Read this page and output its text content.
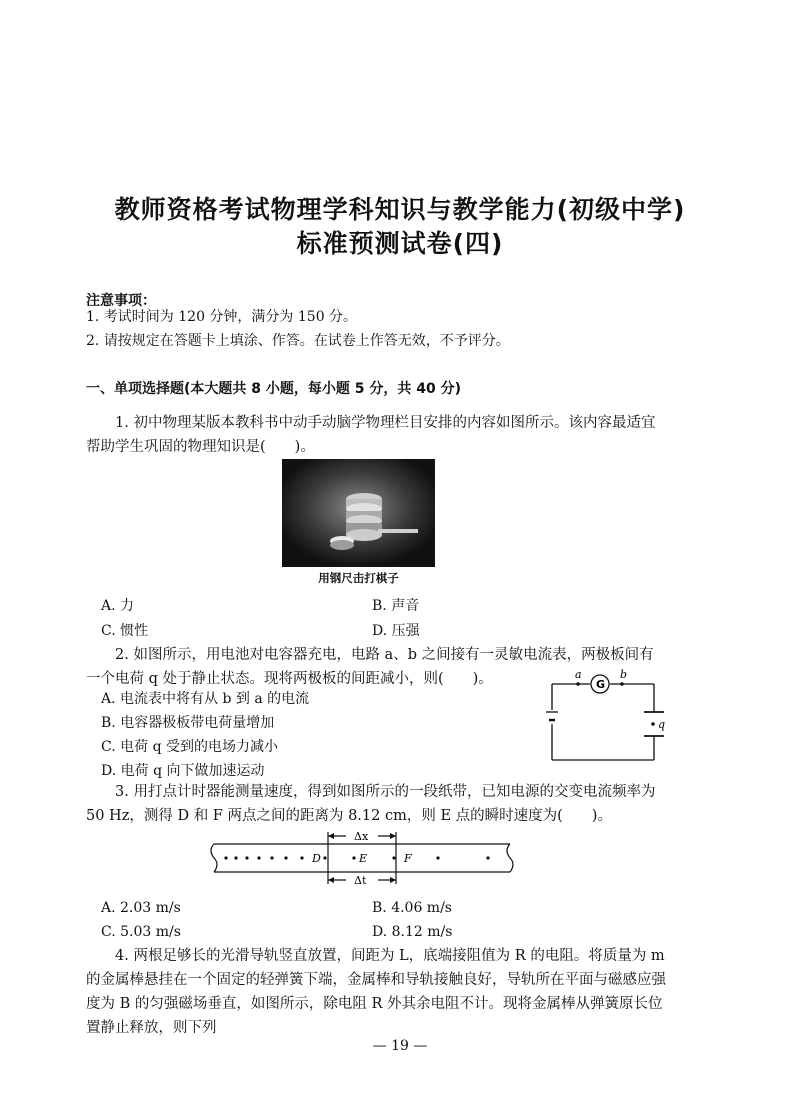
教师资格考试物理学科知识与教学能力(初级中学)
标准预测试卷(四)
注意事项：
1. 考试时间为 120 分钟，满分为 150 分。
2. 请按规定在答题卡上填涂、作答。在试卷上作答无效，不予评分。
一、单项选择题(本大题共 8 小题，每小题 5 分，共 40 分)
1. 初中物理某版本教科书中动手动脑学物理栏目安排的内容如图所示。该内容最适宜帮助学生巩固的物理知识是(　　)。
用钢尺击打棋子
A. 力	B. 声音
C. 惯性	D. 压强
2. 如图所示，用电池对电容器充电，电路 a、b 之间接有一灵敏电流表，两极板间有一个电荷 q 处于静止状态。现将两极板的间距减小，则(　　)。
A. 电流表中将有从 b 到 a 的电流
B. 电容器极板带电荷量增加
C. 电荷 q 受到的电场力减小
D. 电荷 q 向下做加速运动
a	b
G
q
3. 用打点计时器能测量速度，得到如图所示的一段纸带，已知电源的交变电流频率为 50 Hz，测得 D 和 F 两点之间的距离为 8.12 cm，则 E 点的瞬时速度为(　　)。
D	E	F
Δx
Δt
A. 2.03 m/s	B. 4.06 m/s
C. 5.03 m/s	D. 8.12 m/s
4. 两根足够长的光滑导轨竖直放置，间距为 L，底端接阻值为 R 的电阻。将质量为 m 的金属棒悬挂在一个固定的轻弹簧下端，金属棒和导轨接触良好，导轨所在平面与磁感应强度为 B 的匀强磁场垂直，如图所示，除电阻 R 外其余电阻不计。现将金属棒从弹簧原长位置静止释放，则下列
— 19 —
